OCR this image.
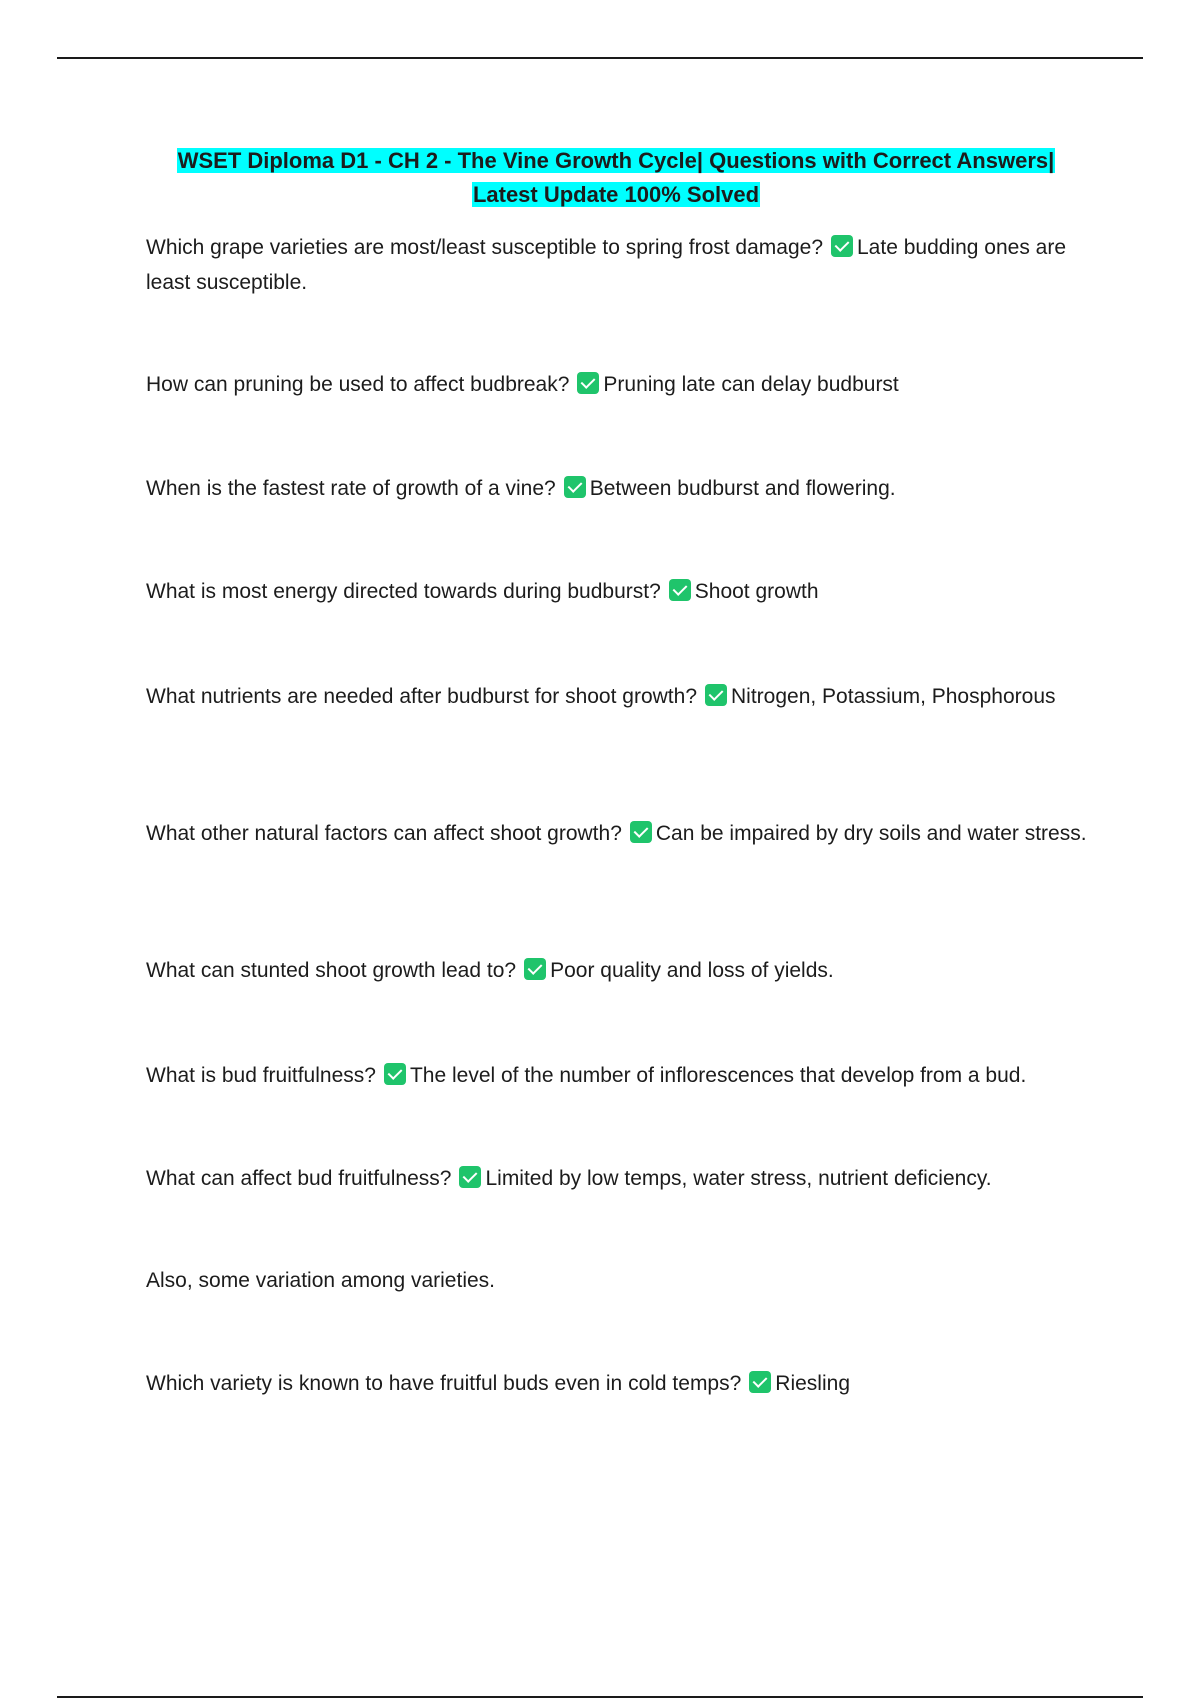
WSET Diploma D1 - CH 2 - The Vine Growth Cycle| Questions with Correct Answers| Latest Update 100% Solved

Which grape varieties are most/least susceptible to spring frost damage? Late budding ones are least susceptible.

How can pruning be used to affect budbreak? Pruning late can delay budburst

When is the fastest rate of growth of a vine? Between budburst and flowering.

What is most energy directed towards during budburst? Shoot growth

What nutrients are needed after budburst for shoot growth? Nitrogen, Potassium, Phosphorous

What other natural factors can affect shoot growth? Can be impaired by dry soils and water stress.

What can stunted shoot growth lead to? Poor quality and loss of yields.

What is bud fruitfulness? The level of the number of inflorescences that develop from a bud.

What can affect bud fruitfulness? Limited by low temps, water stress, nutrient deficiency.

Also, some variation among varieties.

Which variety is known to have fruitful buds even in cold temps? Riesling
